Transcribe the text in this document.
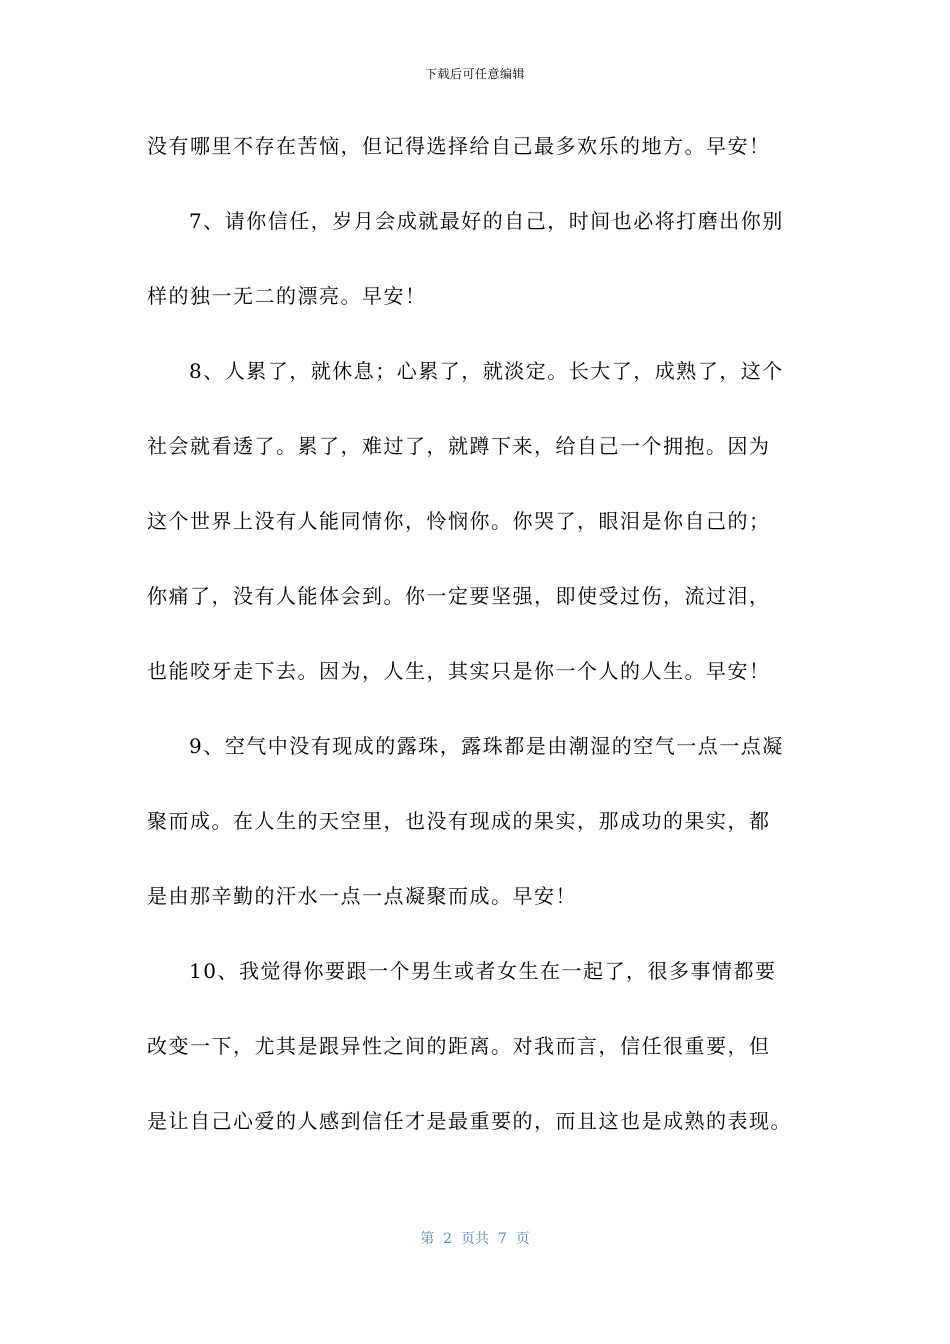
下载后可任意编辑
没有哪里不存在苦恼，但记得选择给自己最多欢乐的地方。早安！
7、请你信任，岁月会成就最好的自己，时间也必将打磨出你别
样的独一无二的漂亮。早安！
8、人累了，就休息；心累了，就淡定。长大了，成熟了，这个
社会就看透了。累了，难过了，就蹲下来，给自己一个拥抱。因为
这个世界上没有人能同情你，怜悯你。你哭了，眼泪是你自己的；
你痛了，没有人能体会到。你一定要坚强，即使受过伤，流过泪，
也能咬牙走下去。因为，人生，其实只是你一个人的人生。早安！
9、空气中没有现成的露珠，露珠都是由潮湿的空气一点一点凝
聚而成。在人生的天空里，也没有现成的果实，那成功的果实，都
是由那辛勤的汗水一点一点凝聚而成。早安！
10、我觉得你要跟一个男生或者女生在一起了，很多事情都要
改变一下，尤其是跟异性之间的距离。对我而言，信任很重要，但
是让自己心爱的人感到信任才是最重要的，而且这也是成熟的表现。
第  2  页共  7  页
